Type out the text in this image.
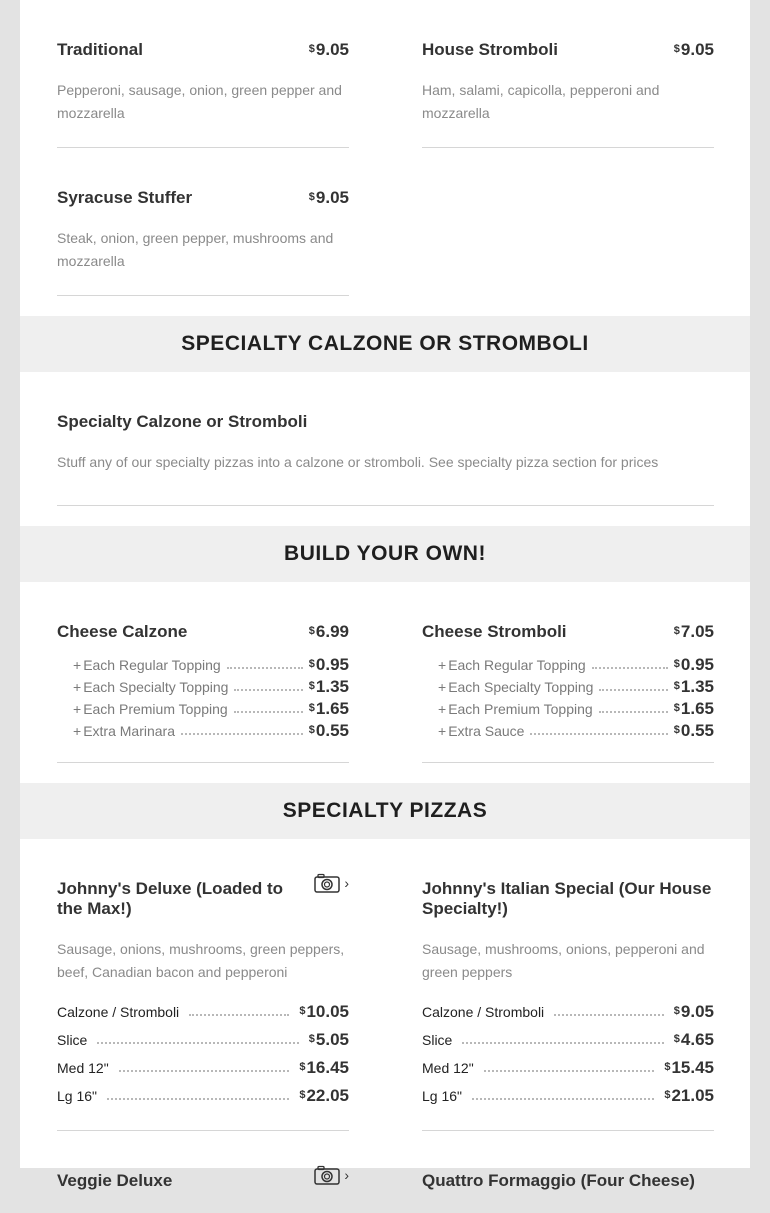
Traditional	$9.05
Pepperoni, sausage, onion, green pepper and mozzarella
Syracuse Stuffer	$9.05
Steak, onion, green pepper, mushrooms and mozzarella
House Stromboli	$9.05
Ham, salami, capicolla, pepperoni and mozzarella
SPECIALTY CALZONE OR STROMBOLI
Specialty Calzone or Stromboli
Stuff any of our specialty pizzas into a calzone or stromboli. See specialty pizza section for prices
BUILD YOUR OWN!
Cheese Calzone	$6.99
+ Each Regular Topping	$0.95
+ Each Specialty Topping	$1.35
+ Each Premium Topping	$1.65
+ Extra Marinara	$0.55
Cheese Stromboli	$7.05
+ Each Regular Topping	$0.95
+ Each Specialty Topping	$1.35
+ Each Premium Topping	$1.65
+ Extra Sauce	$0.55
SPECIALTY PIZZAS
Johnny's Deluxe (Loaded to the Max!)
›
Sausage, onions, mushrooms, green peppers, beef, Canadian bacon and pepperoni
Calzone / Stromboli	$10.05
Slice	$5.05
Med 12"	$16.45
Lg 16"	$22.05
Veggie Deluxe	›
Johnny's Italian Special (Our House Specialty!)
Sausage, mushrooms, onions, pepperoni and green peppers
Calzone / Stromboli	$9.05
Slice	$4.65
Med 12"	$15.45
Lg 16"	$21.05
Quattro Formaggio (Four Cheese)
